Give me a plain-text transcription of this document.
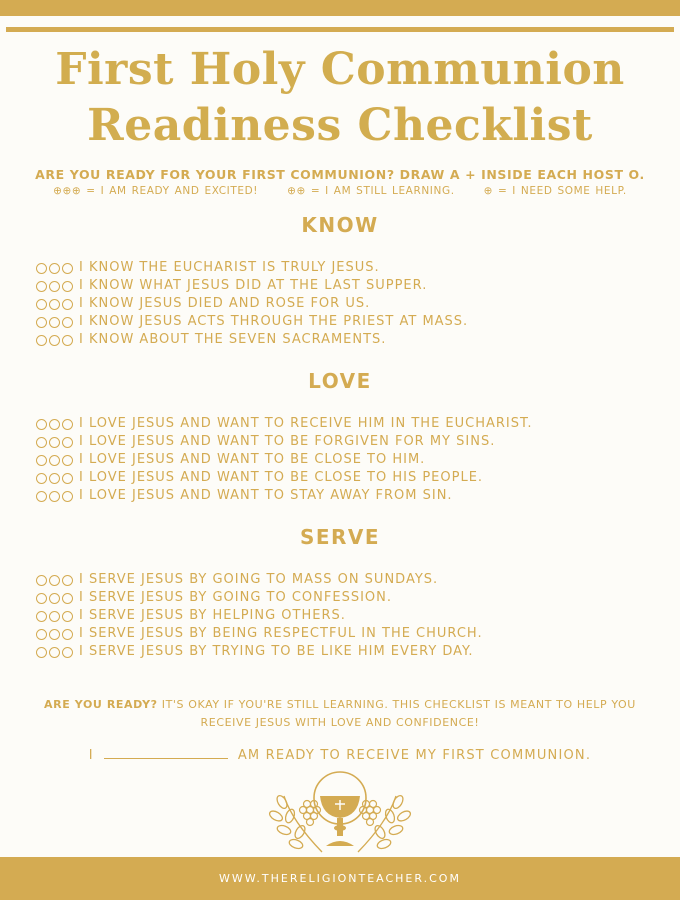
First Holy Communion
Readiness Checklist
ARE YOU READY FOR YOUR FIRST COMMUNION? DRAW A + INSIDE EACH HOST O.
⊕⊕⊕ = I AM READY AND EXCITED!	⊕⊕ = I AM STILL LEARNING.	⊕ = I NEED SOME HELP.
KNOW
I KNOW THE EUCHARIST IS TRULY JESUS.
I KNOW WHAT JESUS DID AT THE LAST SUPPER.
I KNOW JESUS DIED AND ROSE FOR US.
I KNOW JESUS ACTS THROUGH THE PRIEST AT MASS.
I KNOW ABOUT THE SEVEN SACRAMENTS.
LOVE
I LOVE JESUS AND WANT TO RECEIVE HIM IN THE EUCHARIST.
I LOVE JESUS AND WANT TO BE FORGIVEN FOR MY SINS.
I LOVE JESUS AND WANT TO BE CLOSE TO HIM.
I LOVE JESUS AND WANT TO BE CLOSE TO HIS PEOPLE.
I LOVE JESUS AND WANT TO STAY AWAY FROM SIN.
SERVE
I SERVE JESUS BY GOING TO MASS ON SUNDAYS.
I SERVE JESUS BY GOING TO CONFESSION.
I SERVE JESUS BY HELPING OTHERS.
I SERVE JESUS BY BEING RESPECTFUL IN THE CHURCH.
I SERVE JESUS BY TRYING TO BE LIKE HIM EVERY DAY.
ARE YOU READY? IT'S OKAY IF YOU'RE STILL LEARNING. THIS CHECKLIST IS MEANT TO HELP YOU RECEIVE JESUS WITH LOVE AND CONFIDENCE!
I	AM READY TO RECEIVE MY FIRST COMMUNION.
WWW.THERELIGIONTEACHER.COM
